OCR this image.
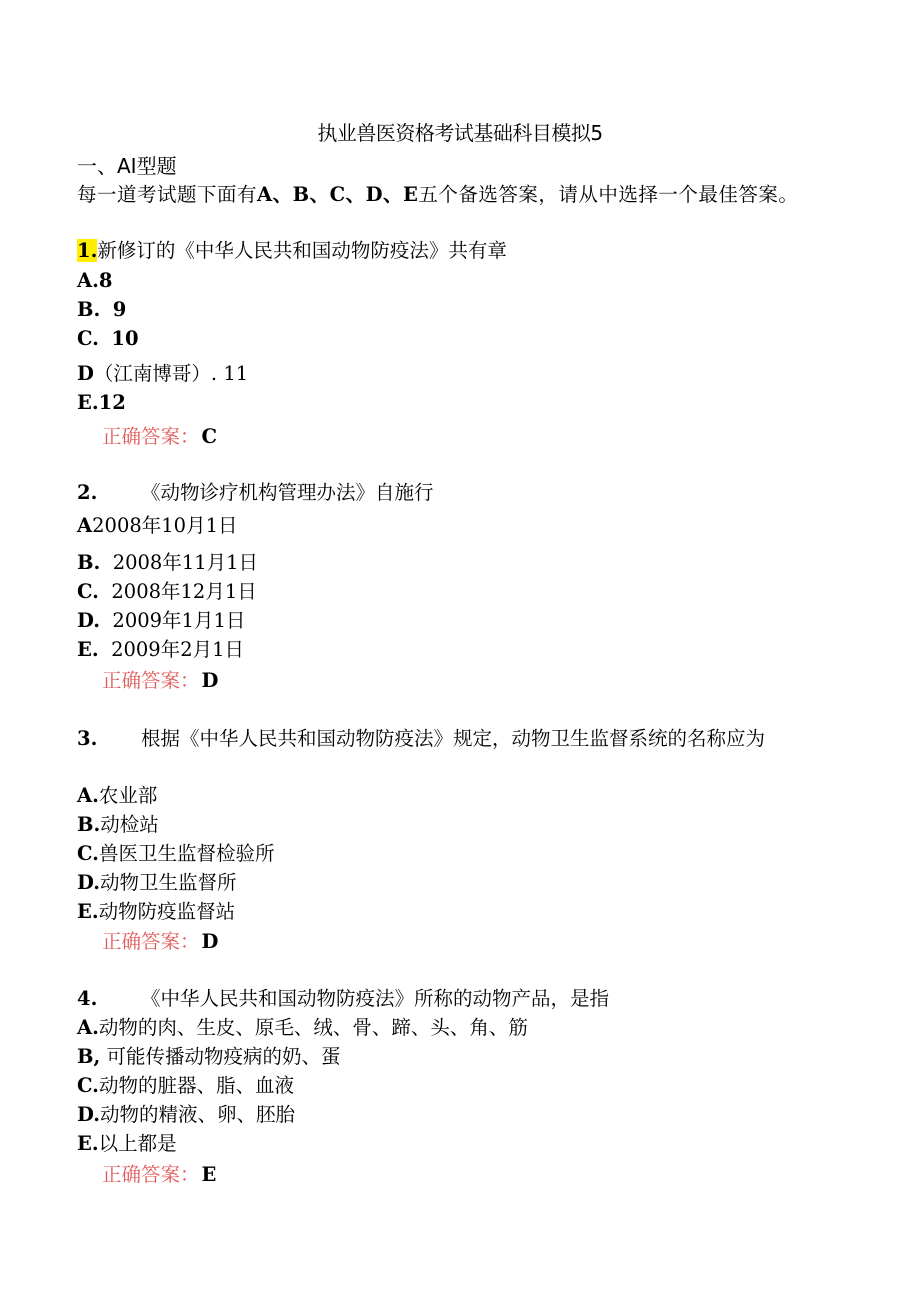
执业兽医资格考试基础科目模拟5
一、AI型题
每一道考试题下面有A、B、C、D、E五个备选答案，请从中选择一个最佳答案。
1.新修订的《中华人民共和国动物防疫法》共有章
A.8
B. 9
C. 10
D（江南博哥）. 11
E.12
正确答案： C
2. 《动物诊疗机构管理办法》自施行
A2008年10月1日
B. 2008年11月1日
C. 2008年12月1日
D. 2009年1月1日
E. 2009年2月1日
正确答案： D
3. 根据《中华人民共和国动物防疫法》规定，动物卫生监督系统的名称应为
A.农业部
B.动检站
C.兽医卫生监督检验所
D.动物卫生监督所
E.动物防疫监督站
正确答案： D
4. 《中华人民共和国动物防疫法》所称的动物产品，是指
A.动物的肉、生皮、原毛、绒、骨、蹄、头、角、筋
B, 可能传播动物疫病的奶、蛋
C.动物的脏器、脂、血液
D.动物的精液、卵、胚胎
E.以上都是
正确答案： E
